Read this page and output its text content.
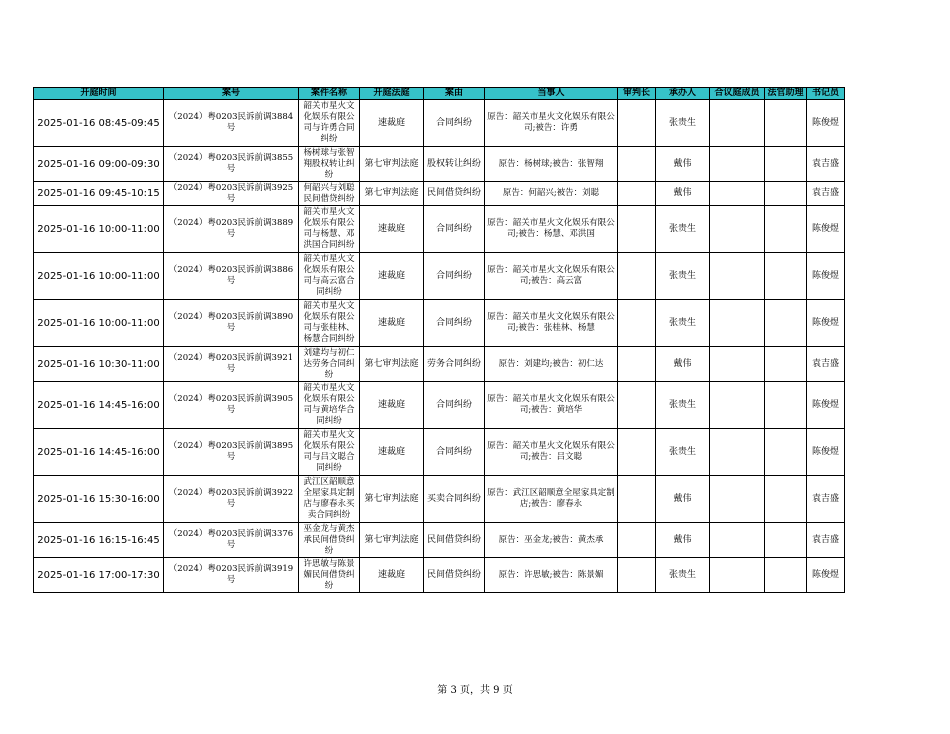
开庭时间	案号	案件名称	开庭法庭	案由	当事人	审判长	承办人	合议庭成员	法官助理	书记员
2025-01-16 08:45-09:45	（2024）粤0203民诉前调3884号	韶关市星火文化娱乐有限公司与许勇合同纠纷	速裁庭	合同纠纷	原告：韶关市星火文化娱乐有限公司;被告：许勇		张贵生			陈俊煜
2025-01-16 09:00-09:30	（2024）粤0203民诉前调3855号	杨树球与张智翔股权转让纠纷	第七审判法庭	股权转让纠纷	原告：杨树球;被告：张智翔		戴伟			袁吉盛
2025-01-16 09:45-10:15	（2024）粤0203民诉前调3925号	何韶兴与刘聪民间借贷纠纷	第七审判法庭	民间借贷纠纷	原告：何韶兴;被告：刘聪		戴伟			袁吉盛
2025-01-16 10:00-11:00	（2024）粤0203民诉前调3889号	韶关市星火文化娱乐有限公司与杨慧、邓洪国合同纠纷	速裁庭	合同纠纷	原告：韶关市星火文化娱乐有限公司;被告：杨慧、邓洪国		张贵生			陈俊煜
2025-01-16 10:00-11:00	（2024）粤0203民诉前调3886号	韶关市星火文化娱乐有限公司与高云富合同纠纷	速裁庭	合同纠纷	原告：韶关市星火文化娱乐有限公司;被告：高云富		张贵生			陈俊煜
2025-01-16 10:00-11:00	（2024）粤0203民诉前调3890号	韶关市星火文化娱乐有限公司与张桂林、杨慧合同纠纷	速裁庭	合同纠纷	原告：韶关市星火文化娱乐有限公司;被告：张桂林、杨慧		张贵生			陈俊煜
2025-01-16 10:30-11:00	（2024）粤0203民诉前调3921号	刘建均与初仁达劳务合同纠纷	第七审判法庭	劳务合同纠纷	原告：刘建均;被告：初仁达		戴伟			袁吉盛
2025-01-16 14:45-16:00	（2024）粤0203民诉前调3905号	韶关市星火文化娱乐有限公司与黄培华合同纠纷	速裁庭	合同纠纷	原告：韶关市星火文化娱乐有限公司;被告：黄培华		张贵生			陈俊煜
2025-01-16 14:45-16:00	（2024）粤0203民诉前调3895号	韶关市星火文化娱乐有限公司与吕文聪合同纠纷	速裁庭	合同纠纷	原告：韶关市星火文化娱乐有限公司;被告：吕文聪		张贵生			陈俊煜
2025-01-16 15:30-16:00	（2024）粤0203民诉前调3922号	武江区韶顺意全屋家具定制店与廖春永买卖合同纠纷	第七审判法庭	买卖合同纠纷	原告：武江区韶顺意全屋家具定制店;被告：廖春永		戴伟			袁吉盛
2025-01-16 16:15-16:45	（2024）粤0203民诉前调3376号	巫金龙与黄杰承民间借贷纠纷	第七审判法庭	民间借贷纠纷	原告：巫金龙;被告：黄杰承		戴伟			袁吉盛
2025-01-16 17:00-17:30	（2024）粤0203民诉前调3919号	许思敏与陈景媚民间借贷纠纷	速裁庭	民间借贷纠纷	原告：许思敏;被告：陈景媚		张贵生			陈俊煜
第 3 页，共 9 页
